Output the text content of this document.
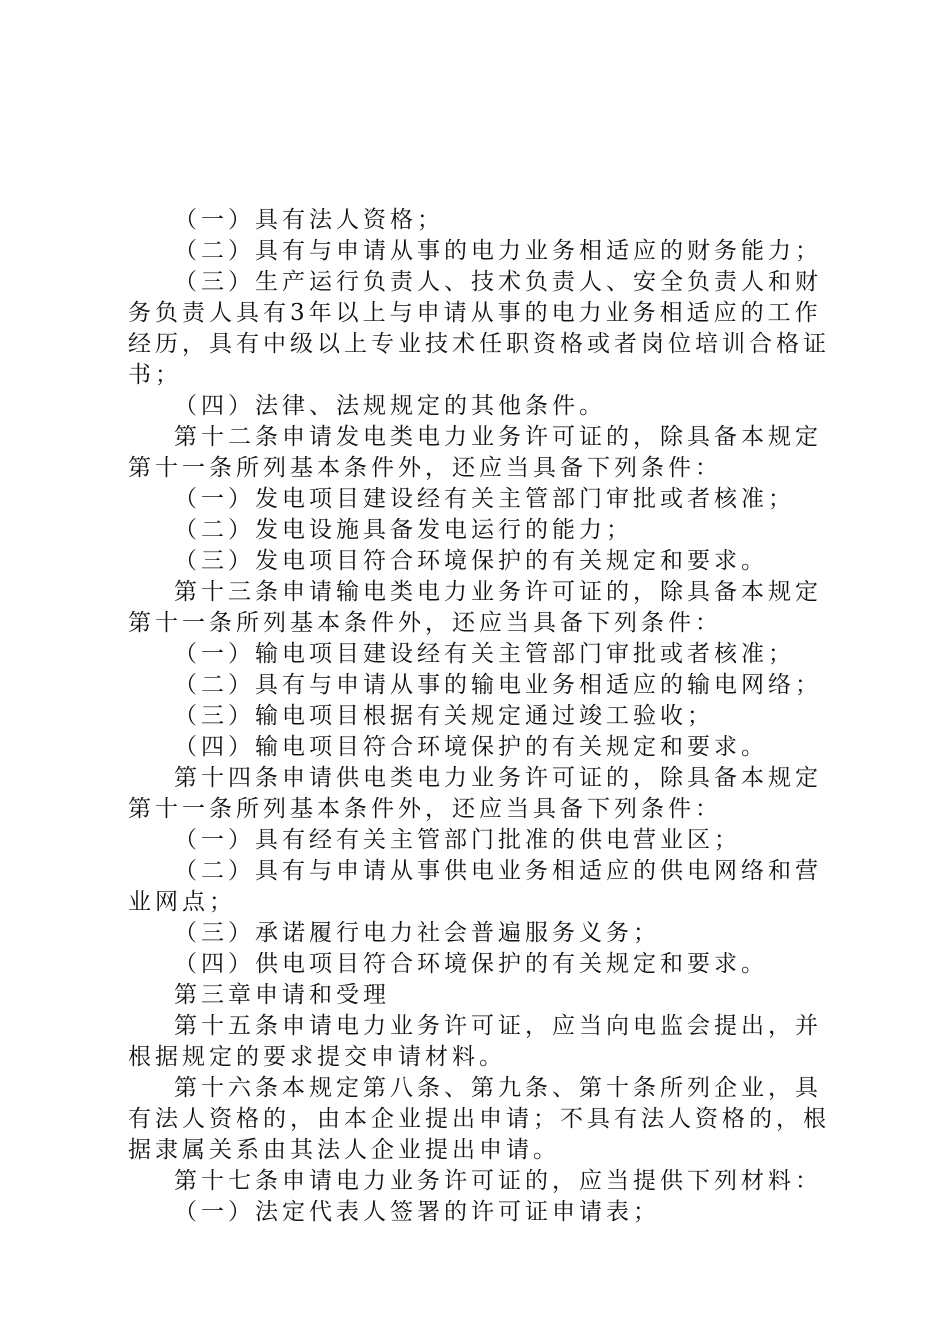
（一）具有法人资格；

（二）具有与申请从事的电力业务相适应的财务能力；

（三）生产运行负责人、技术负责人、安全负责人和财务负责人具有3年以上与申请从事的电力业务相适应的工作经历，具有中级以上专业技术任职资格或者岗位培训合格证书；

（四）法律、法规规定的其他条件。

第十二条申请发电类电力业务许可证的，除具备本规定第十一条所列基本条件外，还应当具备下列条件：

（一）发电项目建设经有关主管部门审批或者核准；

（二）发电设施具备发电运行的能力；

（三）发电项目符合环境保护的有关规定和要求。

第十三条申请输电类电力业务许可证的，除具备本规定第十一条所列基本条件外，还应当具备下列条件：

（一）输电项目建设经有关主管部门审批或者核准；

（二）具有与申请从事的输电业务相适应的输电网络；

（三）输电项目根据有关规定通过竣工验收；

（四）输电项目符合环境保护的有关规定和要求。

第十四条申请供电类电力业务许可证的，除具备本规定第十一条所列基本条件外，还应当具备下列条件：

（一）具有经有关主管部门批准的供电营业区；

（二）具有与申请从事供电业务相适应的供电网络和营业网点；

（三）承诺履行电力社会普遍服务义务；

（四）供电项目符合环境保护的有关规定和要求。

第三章申请和受理

第十五条申请电力业务许可证，应当向电监会提出，并根据规定的要求提交申请材料。

第十六条本规定第八条、第九条、第十条所列企业，具有法人资格的，由本企业提出申请；不具有法人资格的，根据隶属关系由其法人企业提出申请。

第十七条申请电力业务许可证的，应当提供下列材料：

（一）法定代表人签署的许可证申请表；
